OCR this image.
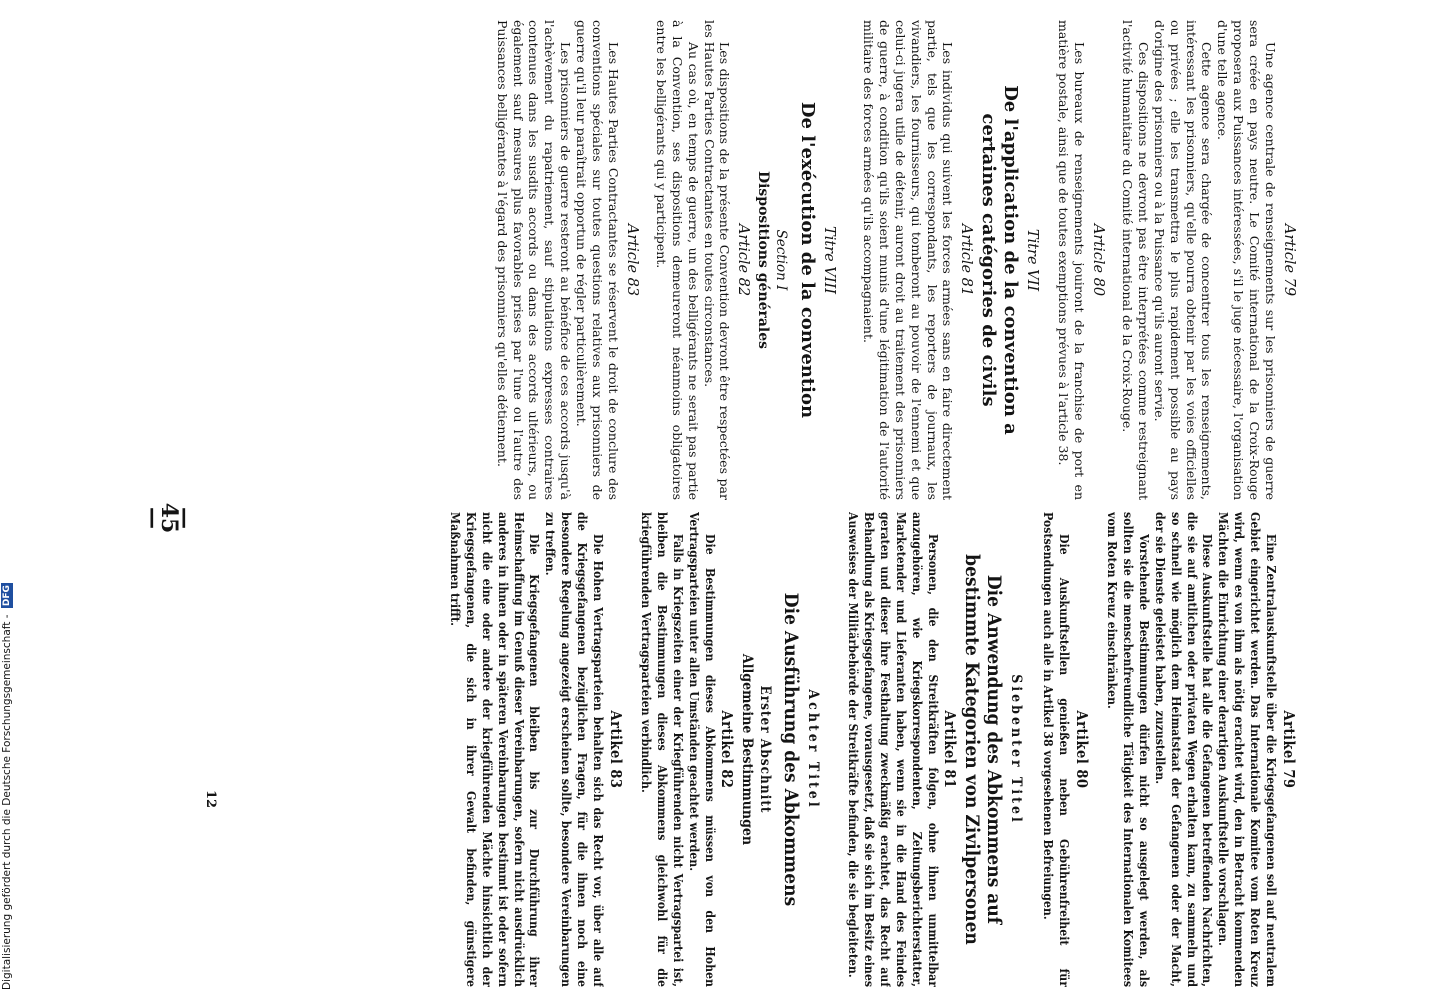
Article 79

Une agence centrale de renseignements sur les prisonniers de guerre sera créée en pays neutre. Le Comité international de la Croix-Rouge proposera aux Puissances intéressées, s'il le juge nécessaire, l'organisation d'une telle agence.

Cette agence sera chargée de concentrer tous les renseignements, intéressant les prisonniers, qu'elle pourra obtenir par les voies officielles ou privées ; elle les transmettra le plus rapidement possible au pays d'origine des prisonniers ou à la Puissance qu'ils auront servie.

Ces dispositions ne devront pas être interprétées comme restreignant l'activité humanitaire du Comité international de la Croix-Rouge.

Article 80

Les bureaux de renseignements jouiront de la franchise de port en matière postale, ainsi que de toutes exemptions prévues à l'article 38.

Titre VII
De l'application de la convention a certaines catégories de civils
Article 81

Les individus qui suivent les forces armées sans en faire directement partie, tels que les correspondants, les reporters de journaux, les vivandiers, les fournisseurs, qui tomberont au pouvoir de l'ennemi et que celui-ci jugera utile de détenir, auront droit au traitement des prisonniers de guerre, à condition qu'ils soient munis d'une légitimation de l'autorité militaire des forces armées qu'ils accompagnaient.

Titre VIII
De l'exécution de la convention
Section I
Dispositions générales
Article 82

Les dispositions de la présente Convention devront être respectées par les Hautes Parties Contractantes en toutes circonstances.

Au cas où, en temps de guerre, un des belligérants ne serait pas partie à la Convention, ses dispositions demeureront néanmoins obligatoires entre les belligérants qui y participent.

Article 83

Les Hautes Parties Contractantes se réservent le droit de conclure des conventions spéciales sur toutes questions relatives aux prisonniers de guerre qu'il leur paraîtrait opportun de régler particulièrement.

Les prisonniers de guerre resteront au bénéfice de ces accords jusqu'à l'achèvement du rapatriement, sauf stipulations expresses contraires contenues dans les susdits accords ou dans des accords ultérieurs, ou également sauf mesures plus favorables prises par l'une ou l'autre des Puissances belligérantes à l'égard des prisonniers qu'elles détiennent.

Artikel 79

Eine Zentralauskunftstelle über die Kriegsgefangenen soll auf neutralem Gebiet eingerichtet werden. Das Internationale Komitee vom Roten Kreuz wird, wenn es von ihm als nötig erachtet wird, den in Betracht kommenden Mächten die Einrichtung einer derartigen Auskunftstelle vorschlagen.

Diese Auskunftstelle hat alle die Gefangenen betreffenden Nachrichten, die sie auf amtlichen oder privaten Wegen erhalten kann, zu sammeln und so schnell wie möglich dem Heimatstaat der Gefangenen oder der Macht, der sie Dienste geleistet haben, zuzustellen.

Vorstehende Bestimmungen dürfen nicht so ausgelegt werden, als sollten sie die menschenfreundliche Tätigkeit des Internationalen Komitees vom Roten Kreuz einschränken.

Artikel 80

Die Auskunftstellen genießen neben Gebührenfreiheit für Postsendungen auch alle in Artikel 38 vorgesehenen Befreiungen.

Siebenter Titel
Die Anwendung des Abkommens auf bestimmte Kategorien von Zivilpersonen
Artikel 81

Personen, die den Streitkräften folgen, ohne ihnen unmittelbar anzugehören, wie Kriegskorrespondenten, Zeitungsberichterstatter, Marketender und Lieferanten haben, wenn sie in die Hand des Feindes geraten und dieser ihre Festhaltung zweckmäßig erachtet, das Recht auf Behandlung als Kriegsgefangene, vorausgesetzt, daß sie sich im Besitz eines Ausweises der Militärbehörde der Streitkräfte befinden, die sie begleiteten.

Achter Titel
Die Ausführung des Abkommens
Erster Abschnitt
Allgemeine Bestimmungen
Artikel 82

Die Bestimmungen dieses Abkommens müssen von den Hohen Vertragsparteien unter allen Umständen geachtet werden.

Falls in Kriegszeiten einer der Kriegführenden nicht Vertragspartei ist, bleiben die Bestimmungen dieses Abkommens gleichwohl für die kriegführenden Vertragsparteien verbindlich.

Artikel 83

Die Hohen Vertragsparteien behalten sich das Recht vor, über alle auf die Kriegsgefangenen bezüglichen Fragen, für die ihnen noch eine besondere Regelung angezeigt erscheinen sollte, besondere Vereinbarungen zu treffen.

Die Kriegsgefangenen bleiben bis zur Durchführung ihrer Heimschaffung im Genuß dieser Vereinbarungen, sofern nicht ausdrücklich anderes in ihnen oder in späteren Vereinbarungen bestimmt ist oder sofern nicht die eine oder andere der kriegführenden Mächte hinsichtlich der Kriegsgefangenen, die sich in ihrer Gewalt befinden, günstigere Maßnahmen trifft.

— 45 —
12
Digitalisierung gefördert durch die Deutsche Forschungsgemeinschaft - DFG
